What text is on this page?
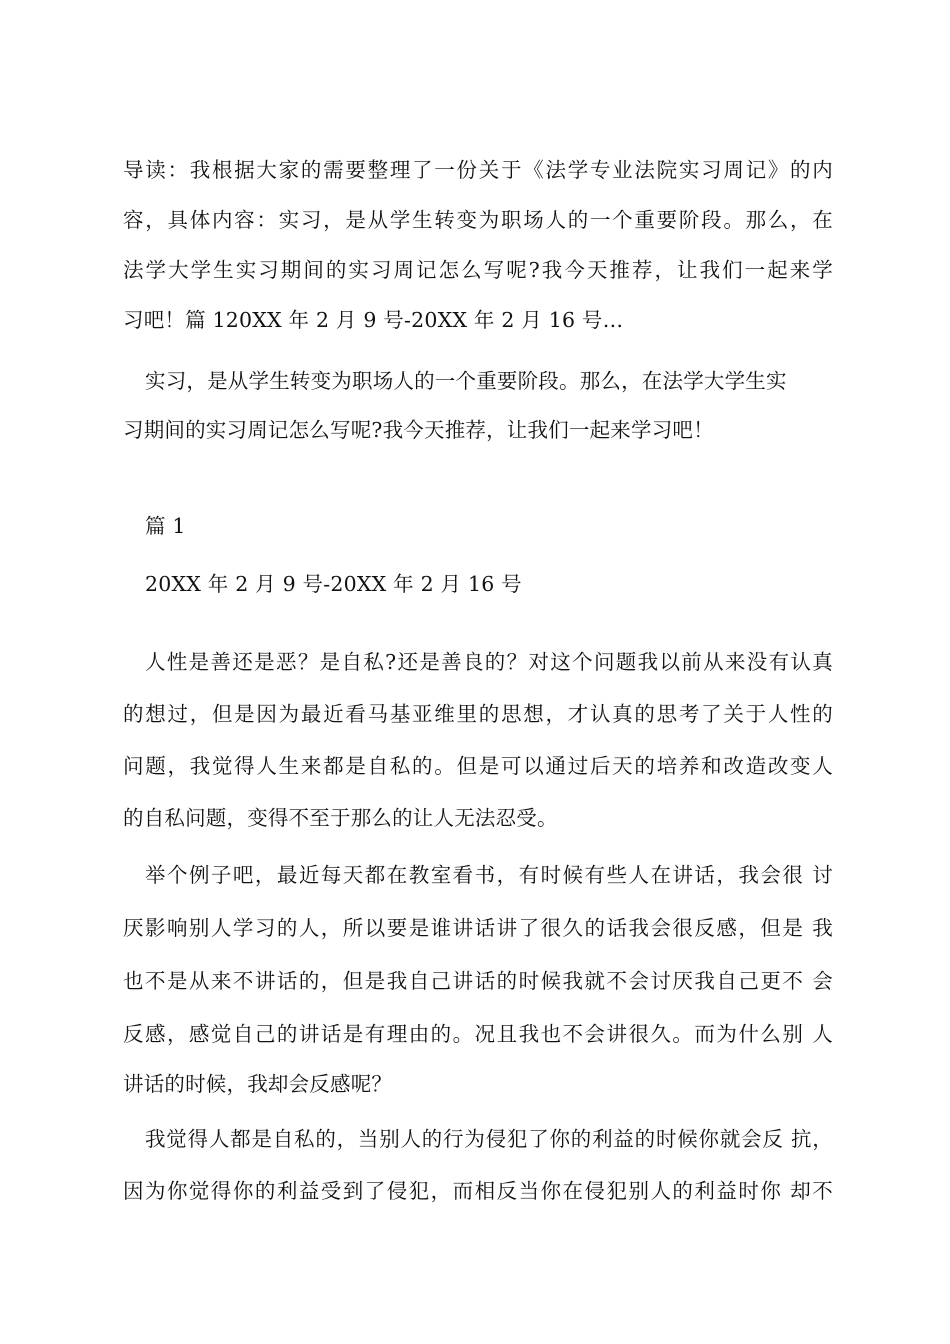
导读：我根据大家的需要整理了一份关于《法学专业法院实习周记》的内
容，具体内容：实习，是从学生转变为职场人的一个重要阶段。那么，在
法学大学生实习期间的实习周记怎么写呢?我今天推荐，让我们一起来学
习吧！篇 120XX 年 2 月 9 号-20XX 年 2 月 16 号…
实习，是从学生转变为职场人的一个重要阶段。那么，在法学大学生实
习期间的实习周记怎么写呢?我今天推荐，让我们一起来学习吧！
篇 1
20XX 年 2 月 9 号-20XX 年 2 月 16 号
人性是善还是恶？是自私?还是善良的？对这个问题我以前从来没有认真
的想过，但是因为最近看马基亚维里的思想，才认真的思考了关于人性的
问题，我觉得人生来都是自私的。但是可以通过后天的培养和改造改变人
的自私问题，变得不至于那么的让人无法忍受。
举个例子吧，最近每天都在教室看书，有时候有些人在讲话，我会很 讨
厌影响别人学习的人，所以要是谁讲话讲了很久的话我会很反感，但是 我
也不是从来不讲话的，但是我自己讲话的时候我就不会讨厌我自己更不 会
反感，感觉自己的讲话是有理由的。况且我也不会讲很久。而为什么别 人
讲话的时候，我却会反感呢？
我觉得人都是自私的，当别人的行为侵犯了你的利益的时候你就会反 抗，
因为你觉得你的利益受到了侵犯，而相反当你在侵犯别人的利益时你 却不
